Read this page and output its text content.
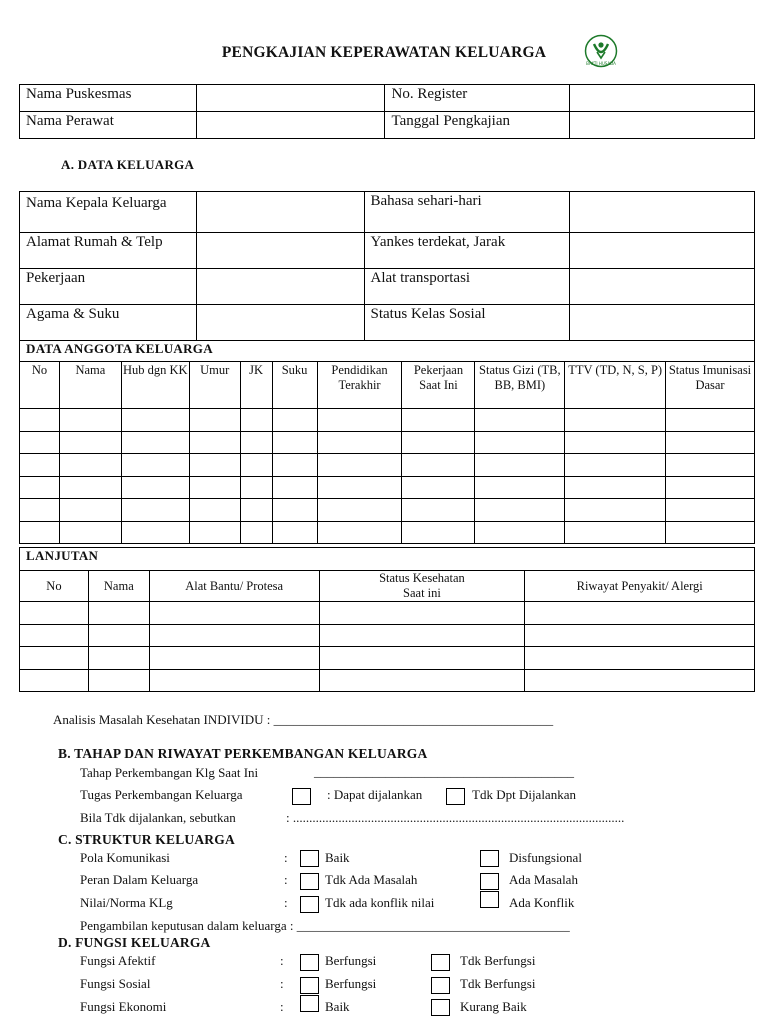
PENGKAJIAN KEPERAWATAN KELUARGA
BAKTI HUSADA
Nama Puskesmas		No. Register	
Nama Perawat		Tanggal Pengkajian	
A. DATA KELUARGA
Nama Kepala Keluarga		Bahasa sehari-hari	
Alamat Rumah & Telp		Yankes terdekat, Jarak	
Pekerjaan		Alat transportasi	
Agama & Suku		Status Kelas Sosial	
DATA ANGGOTA KELUARGA										
No	Nama	Hub dgn KK	Umur	JK	Suku	Pendidikan Terakhir	Pekerjaan Saat Ini	Status Gizi (TB, BB, BMI)	TTV (TD, N, S, P)	Status Imunisasi Dasar

LANJUTAN				
No	Nama	Alat Bantu/ Protesa	Status Kesehatan Saat ini	Riwayat Penyakit/ Alergi

Analisis Masalah Kesehatan INDIVIDU : ___________________________________________
B. TAHAP DAN RIWAYAT PERKEMBANGAN KELUARGA
Tahap Perkembangan Klg Saat Ini	________________________________________
Tugas Perkembangan Keluarga	: Dapat dijalankan	Tdk Dpt Dijalankan
Bila Tdk dijalankan, sebutkan	: ......................................................................................................
C. STRUKTUR KELUARGA
Pola Komunikasi	:	Baik	Disfungsional
Peran Dalam Keluarga	:	Tdk Ada Masalah	Ada Masalah
Nilai/Norma KLg	:	Tdk ada konflik nilai	Ada Konflik
Pengambilan keputusan dalam keluarga : __________________________________________
D. FUNGSI KELUARGA
Fungsi Afektif	:	Berfungsi	Tdk Berfungsi
Fungsi Sosial	:	Berfungsi	Tdk Berfungsi
Fungsi Ekonomi	:	Baik	Kurang Baik
